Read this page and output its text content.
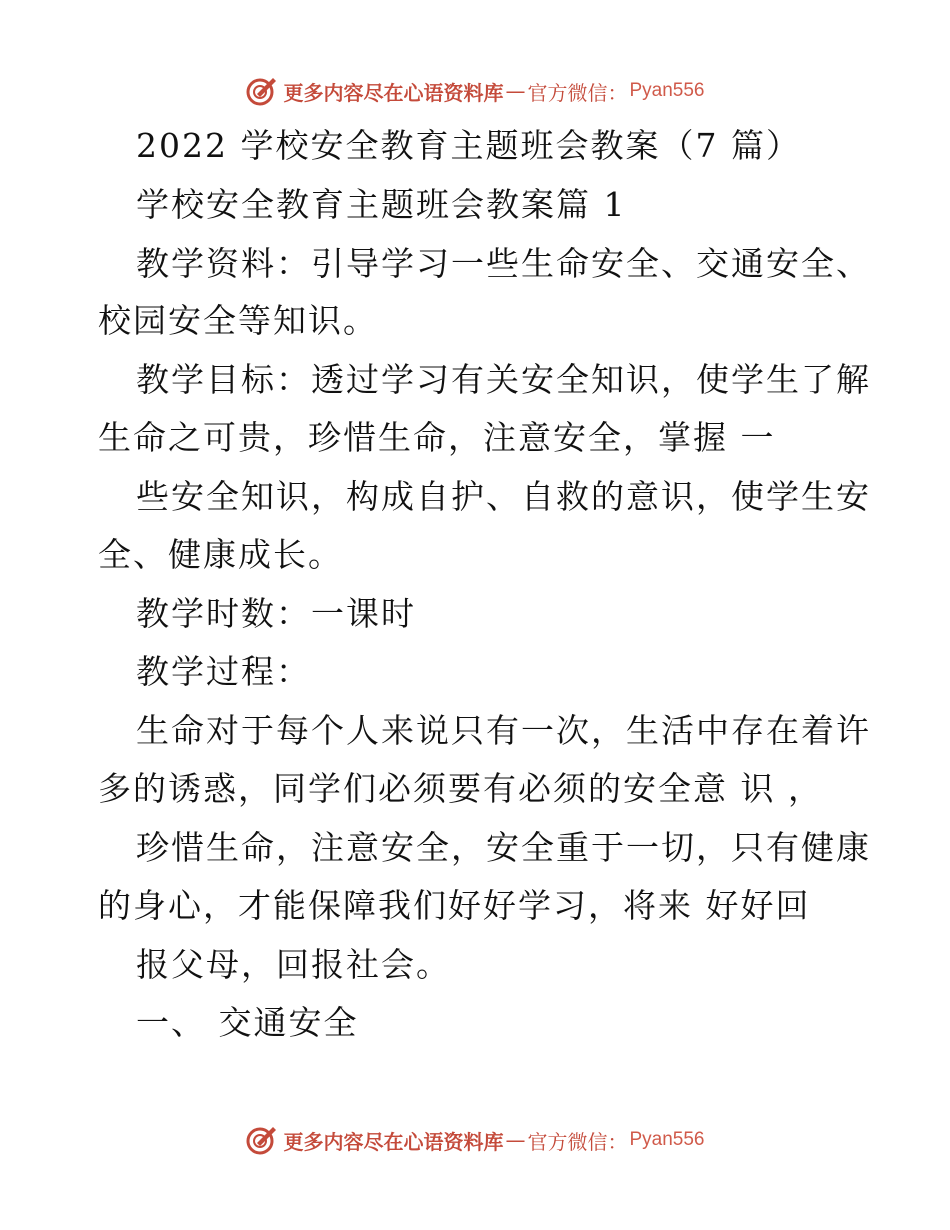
更多内容尽在心语资料库 — 官方微信 ： Pyan556
2022 学校安全教育主题班会教案（7 篇）
学校安全教育主题班会教案篇 1
教学资料：引导学习一些生命安全、交通安全、
校园安全等知识。
教学目标：透过学习有关安全知识，使学生了解
生命之可贵，珍惜生命，注意安全，掌握 一
些安全知识，构成自护、自救的意识，使学生安
全、健康成长。
教学时数：一课时
教学过程：
生命对于每个人来说只有一次，生活中存在着许
多的诱惑，同学们必须要有必须的安全意 识 ，
珍惜生命，注意安全，安全重于一切，只有健康
的身心，才能保障我们好好学习，将来 好好回
报父母，回报社会。
一、 交通安全
更多内容尽在心语资料库 — 官方微信 ： Pyan556
